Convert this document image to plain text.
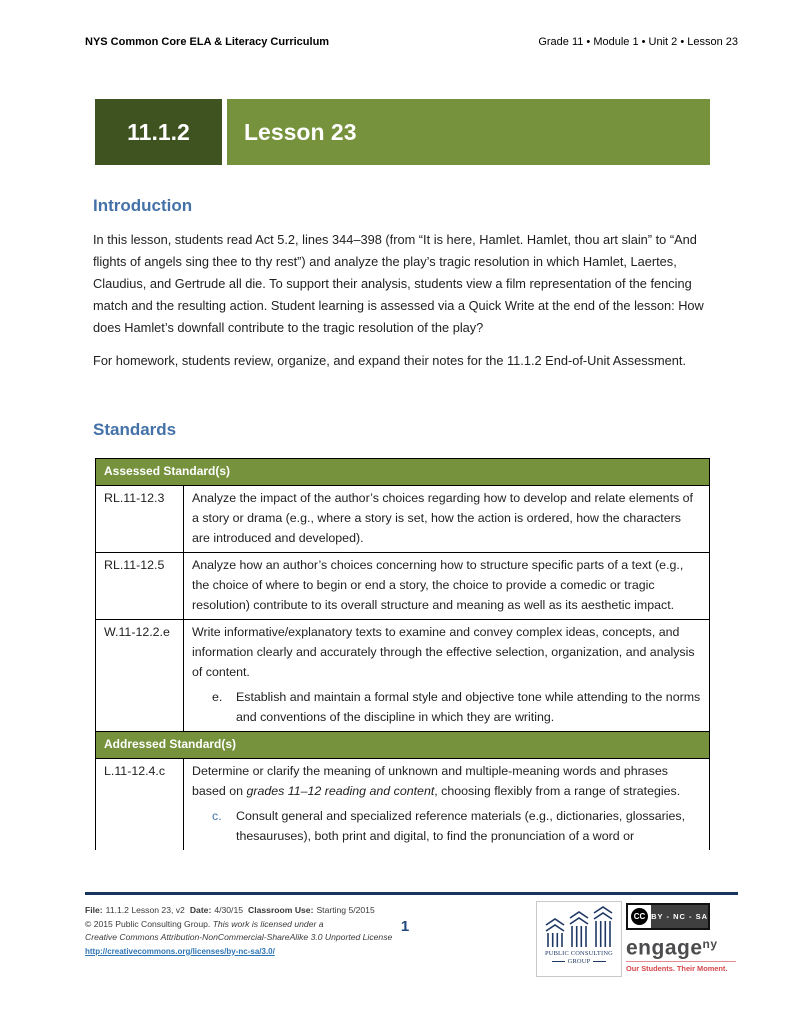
NYS Common Core ELA & Literacy Curriculum	Grade 11 • Module 1 • Unit 2 • Lesson 23
11.1.2	Lesson 23
Introduction

In this lesson, students read Act 5.2, lines 344–398 (from “It is here, Hamlet. Hamlet, thou art slain” to “And flights of angels sing thee to thy rest”) and analyze the play’s tragic resolution in which Hamlet, Laertes, Claudius, and Gertrude all die. To support their analysis, students view a film representation of the fencing match and the resulting action. Student learning is assessed via a Quick Write at the end of the lesson: How does Hamlet’s downfall contribute to the tragic resolution of the play?

For homework, students review, organize, and expand their notes for the 11.1.2 End-of-Unit Assessment.

Standards
Assessed Standard(s)	
RL.11-12.3	Analyze the impact of the author’s choices regarding how to develop and relate elements of a story or drama (e.g., where a story is set, how the action is ordered, how the characters are introduced and developed).

RL.11-12.5	Analyze how an author’s choices concerning how to structure specific parts of a text (e.g., the choice of where to begin or end a story, the choice to provide a comedic or tragic resolution) contribute to its overall structure and meaning as well as its aesthetic impact.

W.11-12.2.e	Write informative/explanatory texts to examine and convey complex ideas, concepts, and information clearly and accurately through the effective selection, organization, and analysis of content.
e. Establish and maintain a formal style and objective tone while attending to the norms and conventions of the discipline in which they are writing.

Addressed Standard(s)	
L.11-12.4.c	Determine or clarify the meaning of unknown and multiple-meaning words and phrases based on grades 11–12 reading and content, choosing flexibly from a range of strategies.
c. Consult general and specialized reference materials (e.g., dictionaries, glossaries, thesauruses), both print and digital, to find the pronunciation of a word or
File: 11.1.2 Lesson 23, v2 Date: 4/30/15 Classroom Use: Starting 5/2015
© 2015 Public Consulting Group. This work is licensed under a
Creative Commons Attribution-NonCommercial-ShareAlike 3.0 Unported License
http://creativecommons.org/licenses/by-nc-sa/3.0/
1
PUBLIC CONSULTING
GROUP
CC BY - NC - SA
engage$^{ny}$
Our Students. Their Moment.
